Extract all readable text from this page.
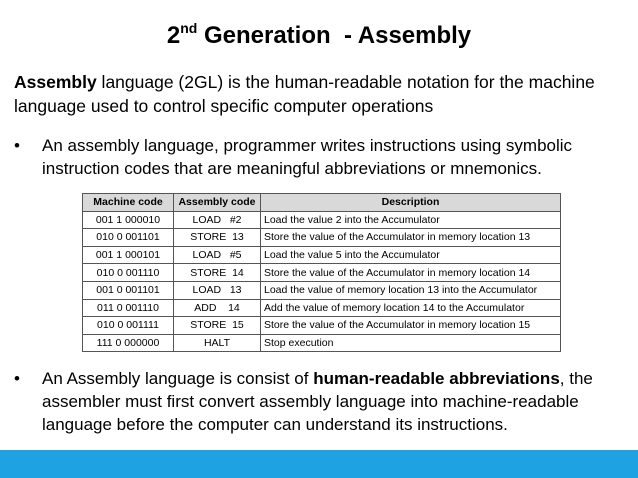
2nd Generation  - Assembly
Assembly language (2GL) is the human-readable notation for the machine language used to control specific computer operations
• An assembly language, programmer writes instructions using symbolic instruction codes that are meaningful abbreviations or mnemonics.
Machine code	Assembly code	Description
001 1 000010	LOAD   #2	Load the value 2 into the Accumulator
010 0 001101	STORE  13	Store the value of the Accumulator in memory location 13
001 1 000101	LOAD   #5	Load the value 5 into the Accumulator
010 0 001110	STORE  14	Store the value of the Accumulator in memory location 14
001 0 001101	LOAD   13	Load the value of memory location 13 into the Accumulator
011 0 001110	ADD    14	Add the value of memory location 14 to the Accumulator
010 0 001111	STORE  15	Store the value of the Accumulator in memory location 15
111 0 000000	HALT	Stop execution
• An Assembly language is consist of human-readable abbreviations, the assembler must first convert assembly language into machine-readable language before the computer can understand its instructions.
